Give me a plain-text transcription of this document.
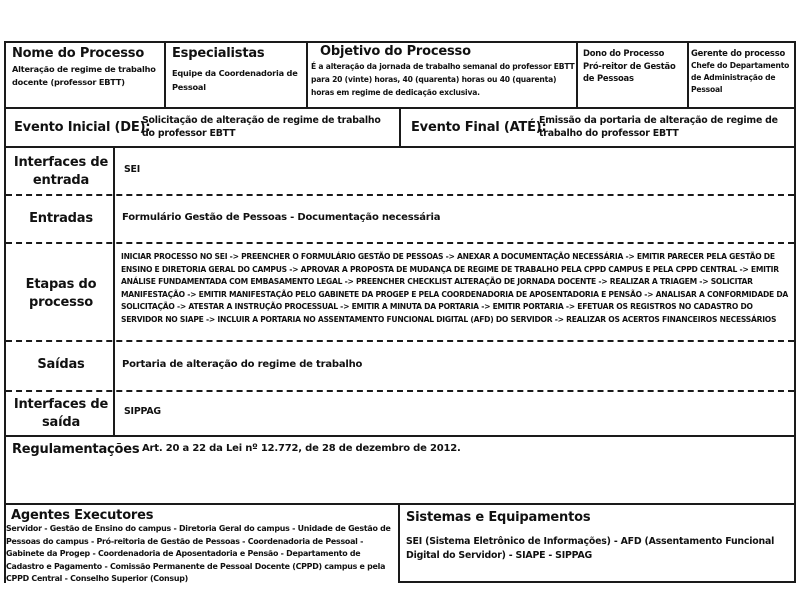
Nome do Processo
Alteração de regime de trabalho docente (professor EBTT)
Especialistas
Equipe da Coordenadoria de Pessoal
Objetivo do Processo
É a alteração da jornada de trabalho semanal do professor EBTT para 20 (vinte) horas, 40 (quarenta) horas ou 40 (quarenta) horas em regime de dedicação exclusiva.
Dono do Processo
Pró-reitor de Gestão de Pessoas
Gerente do processo
Chefe do Departamento de Administração de Pessoal
Evento Inicial (DE):
Solicitação de alteração de regime de trabalho do professor EBTT	Evento Final (ATÉ):
Emissão da portaria de alteração de regime de trabalho do professor EBTT
Interfaces de entrada
SEI
Entradas	Formulário Gestão de Pessoas - Documentação necessária
Etapas do processo
INICIAR PROCESSO NO SEI -> PREENCHER O FORMULÁRIO GESTÃO DE PESSOAS -> ANEXAR A DOCUMENTAÇÃO NECESSÁRIA -> EMITIR PARECER PELA GESTÃO DE ENSINO E DIRETORIA GERAL DO CAMPUS -> APROVAR A PROPOSTA DE MUDANÇA DE REGIME DE TRABALHO PELA CPPD CAMPUS E PELA CPPD CENTRAL -> EMITIR ANÁLISE FUNDAMENTADA COM EMBASAMENTO LEGAL -> PREENCHER CHECKLIST ALTERAÇÃO DE JORNADA DOCENTE -> REALIZAR A TRIAGEM -> SOLICITAR MANIFESTAÇÃO -> EMITIR MANIFESTAÇÃO PELO GABINETE DA PROGEP E PELA COORDENADORIA DE APOSENTADORIA E PENSÃO -> ANALISAR A CONFORMIDADE DA SOLICITAÇÃO -> ATESTAR A INSTRUÇÃO PROCESSUAL -> EMITIR A MINUTA DA PORTARIA -> EMITIR PORTARIA -> EFETUAR OS REGISTROS NO CADASTRO DO SERVIDOR NO SIAPE -> INCLUIR A PORTARIA NO ASSENTAMENTO FUNCIONAL DIGITAL (AFD) DO SERVIDOR -> REALIZAR OS ACERTOS FINANCEIROS NECESSÁRIOS
Saídas	Portaria de alteração do regime de trabalho
Interfaces de saída
SIPPAG
Regulamentações Art. 20 a 22 da Lei nº 12.772, de 28 de dezembro de 2012.
Agentes Executores
Servidor - Gestão de Ensino do campus - Diretoria Geral do campus - Unidade de Gestão de Pessoas do campus - Pró-reitoria de Gestão de Pessoas - Coordenadoria de Pessoal - Gabinete da Progep - Coordenadoria de Aposentadoria e Pensão - Departamento de Cadastro e Pagamento - Comissão Permanente de Pessoal Docente (CPPD) campus e pela CPPD Central - Conselho Superior (Consup)
Sistemas e Equipamentos
SEI (Sistema Eletrônico de Informações) - AFD (Assentamento Funcional Digital do Servidor) - SIAPE - SIPPAG
